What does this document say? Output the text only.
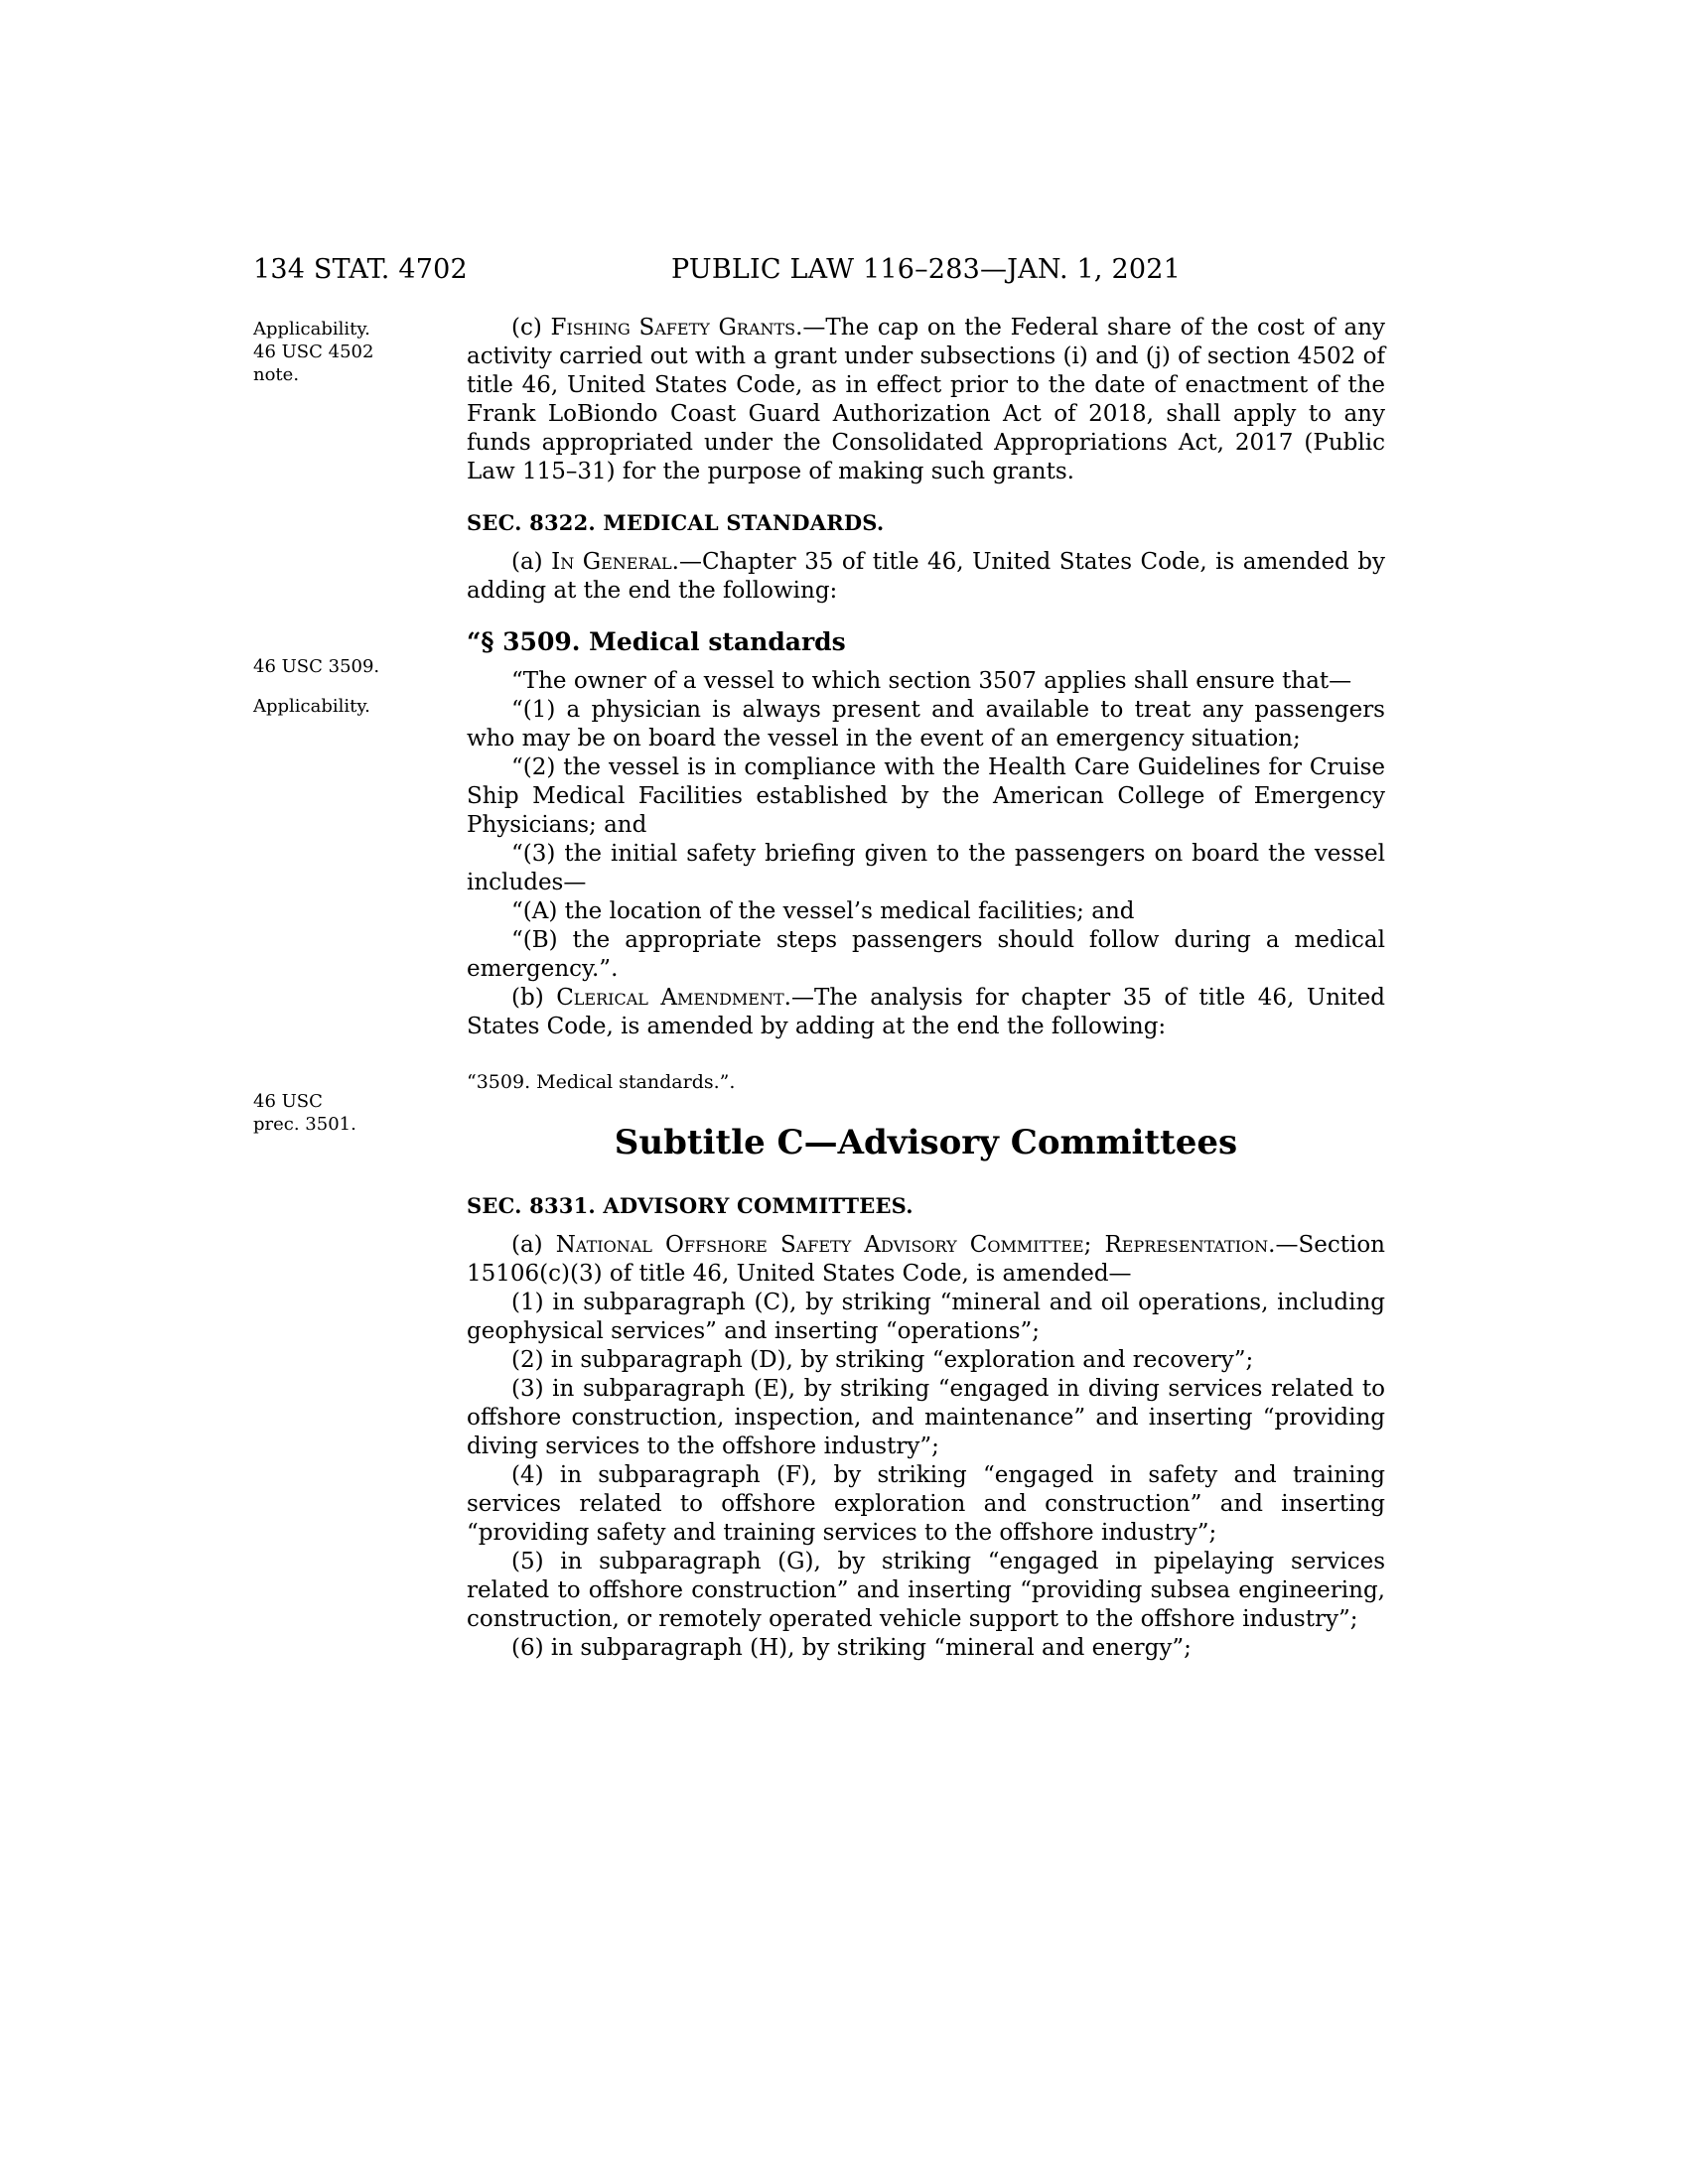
134 STAT. 4702	PUBLIC LAW 116–283—JAN. 1, 2021
Applicability.
46 USC 4502
note.
46 USC 3509.
Applicability.
46 USC
prec. 3501.

(c) Fishing Safety Grants.—The cap on the Federal share of the cost of any activity carried out with a grant under subsections (i) and (j) of section 4502 of title 46, United States Code, as in effect prior to the date of enactment of the Frank LoBiondo Coast Guard Authorization Act of 2018, shall apply to any funds appropriated under the Consolidated Appropriations Act, 2017 (Public Law 115–31) for the purpose of making such grants.

SEC. 8322. MEDICAL STANDARDS.

(a) In General.—Chapter 35 of title 46, United States Code, is amended by adding at the end the following:

“§ 3509. Medical standards

“The owner of a vessel to which section 3507 applies shall ensure that—

“(1) a physician is always present and available to treat any passengers who may be on board the vessel in the event of an emergency situation;

“(2) the vessel is in compliance with the Health Care Guidelines for Cruise Ship Medical Facilities established by the American College of Emergency Physicians; and

“(3) the initial safety briefing given to the passengers on board the vessel includes—

“(A) the location of the vessel’s medical facilities; and

“(B) the appropriate steps passengers should follow during a medical emergency.”.

(b) Clerical Amendment.—The analysis for chapter 35 of title 46, United States Code, is amended by adding at the end the following:

“3509. Medical standards.”.

Subtitle C—Advisory Committees

SEC. 8331. ADVISORY COMMITTEES.

(a) National Offshore Safety Advisory Committee; Representation.—Section 15106(c)(3) of title 46, United States Code, is amended—

(1) in subparagraph (C), by striking “mineral and oil operations, including geophysical services” and inserting “operations”;

(2) in subparagraph (D), by striking “exploration and recovery”;

(3) in subparagraph (E), by striking “engaged in diving services related to offshore construction, inspection, and maintenance” and inserting “providing diving services to the offshore industry”;

(4) in subparagraph (F), by striking “engaged in safety and training services related to offshore exploration and construction” and inserting “providing safety and training services to the offshore industry”;

(5) in subparagraph (G), by striking “engaged in pipelaying services related to offshore construction” and inserting “providing subsea engineering, construction, or remotely operated vehicle support to the offshore industry”;

(6) in subparagraph (H), by striking “mineral and energy”;
